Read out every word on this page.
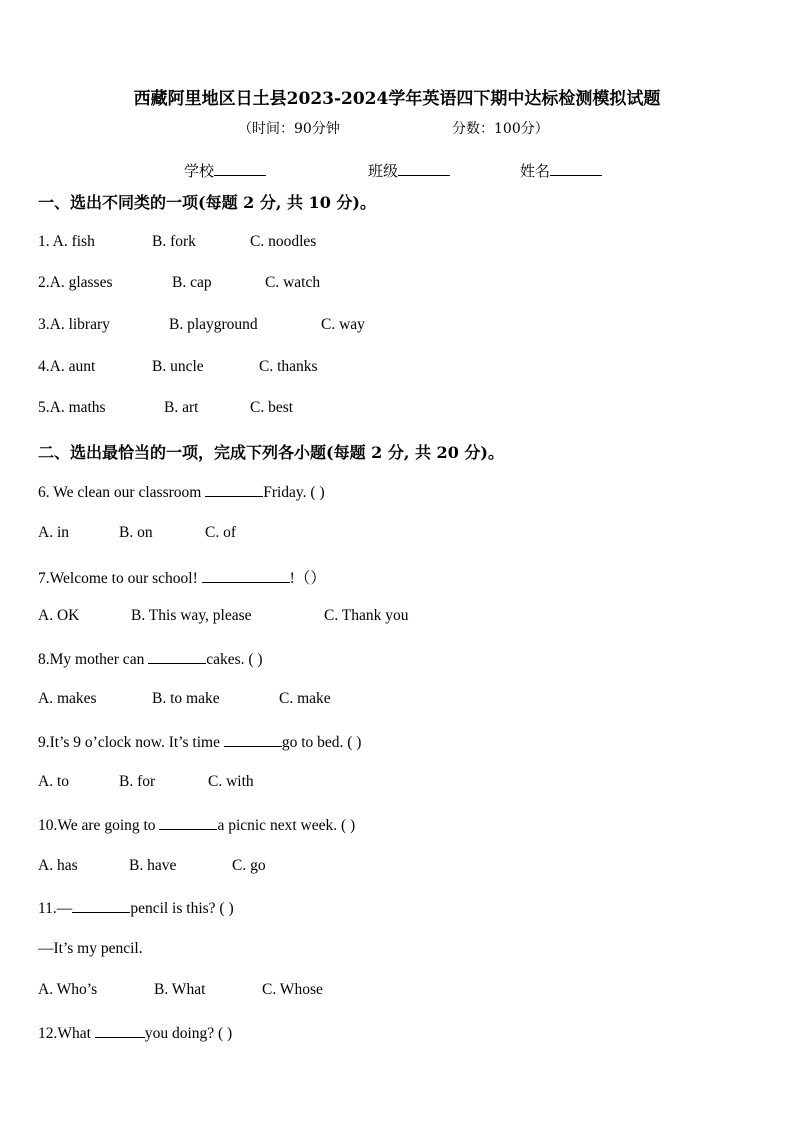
西藏阿里地区日土县2023-2024学年英语四下期中达标检测模拟试题
（时间：90分钟	分数：100分）
学校	班级	姓名
一、选出不同类的一项(每题 2 分, 共 10 分)。
1. A. fish	B. fork	C. noodles
2.A. glasses	B. cap	C. watch
3.A. library	B. playground	C. way
4.A. aunt	B. uncle	C. thanks
5.A. maths	B. art	C. best
二、选出最恰当的一项，完成下列各小题(每题 2 分, 共 20 分)。
6. We clean our classroom	Friday. ( )
A. in	B. on	C. of
7.Welcome to our school!	!（）
A. OK	B. This way, please	C. Thank you
8.My mother can	cakes. ( )
A. makes	B. to make	C. make
9.It’s 9 o’clock now. It’s time	go to bed. ( )
A. to	B. for	C. with
10.We are going to	a picnic next week. ( )
A. has	B. have	C. go
11.—	pencil is this? ( )
—It’s my pencil.
A. Who’s	B. What	C. Whose
12.What	you doing? ( )
